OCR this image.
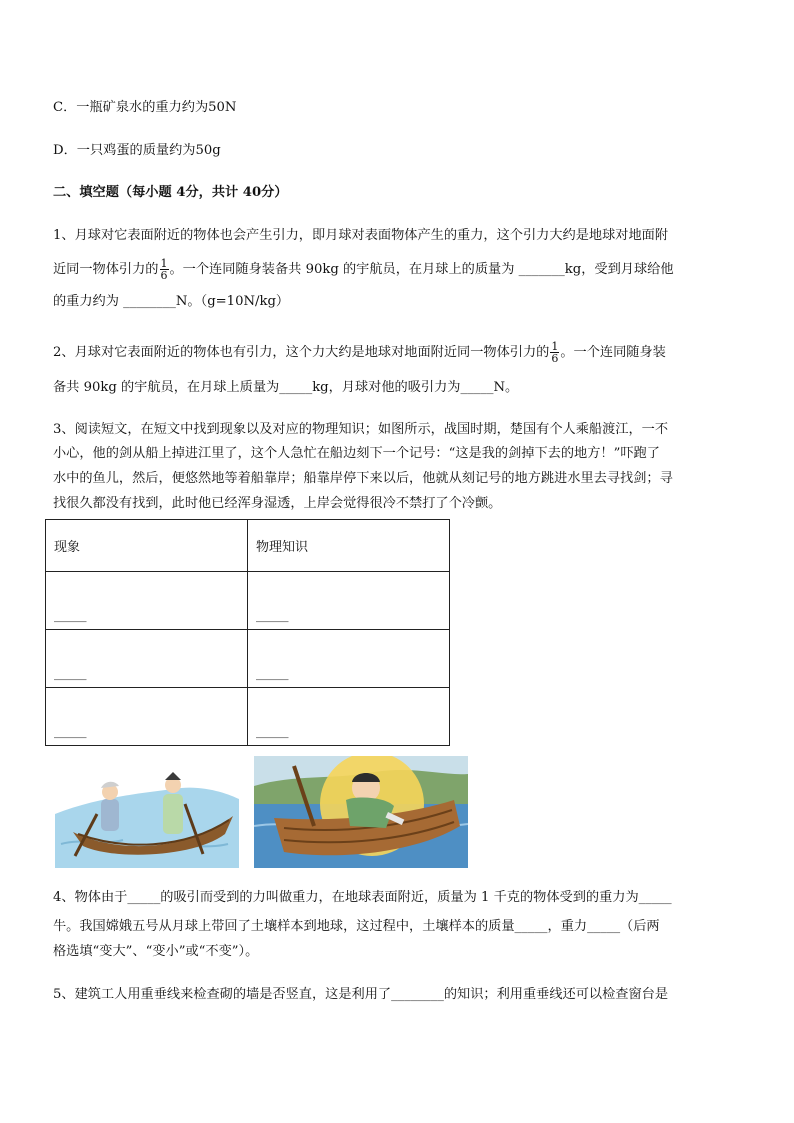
C．一瓶矿泉水的重力约为50N
D．一只鸡蛋的质量约为50g
二、填空题（每小题 4分，共计 40分）
1、月球对它表面附近的物体也会产生引力，即月球对表面物体产生的重力，这个引力大约是地球对地面附
近同一物体引力的 $\frac{1}{6}$ 。一个连同随身装备共 90kg 的宇航员，在月球上的质量为 _______kg，受到月球给他
的重力约为 ________N。（g=10N/kg）
2、月球对它表面附近的物体也有引力，这个力大约是地球对地面附近同一物体引力的 $\frac{1}{6}$ 。一个连同随身装
备共 90kg 的宇航员，在月球上质量为_____kg，月球对他的吸引力为_____N。
3、阅读短文，在短文中找到现象以及对应的物理知识；如图所示，战国时期，楚国有个人乘船渡江，一不
小心，他的剑从船上掉进江里了，这个人急忙在船边刻下一个记号：“这是我的剑掉下去的地方！”吓跑了
水中的鱼儿，然后，便悠然地等着船靠岸；船靠岸停下来以后，他就从刻记号的地方跳进水里去寻找剑；寻
找很久都没有找到，此时他已经浑身湿透，上岸会觉得很冷不禁打了个冷颤。
现象	物理知识
_____	_____
_____	_____
_____	_____
4、物体由于_____的吸引而受到的力叫做重力，在地球表面附近，质量为 1 千克的物体受到的重力为_____
牛。我国嫦娥五号从月球上带回了土壤样本到地球，这过程中，土壤样本的质量_____，重力_____（后两
格选填“变大”、“变小”或“不变”）。
5、建筑工人用重垂线来检查砌的墙是否竖直，这是利用了________的知识；利用重垂线还可以检查窗台是
